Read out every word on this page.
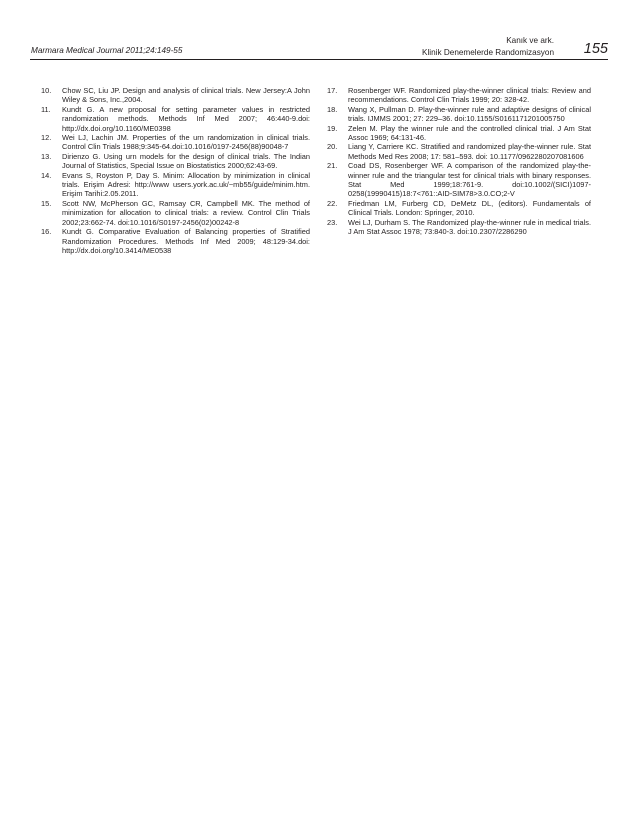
Marmara Medical Journal 2011;24:149-55
Kanık ve ark.
Klinik Denemelerde Randomizasyon 155
10. Chow SC, Liu JP. Design and analysis of clinical trials. New Jersey:A John Wiley & Sons, Inc.,2004.
11. Kundt G. A new proposal for setting parameter values in restricted randomization methods. Methods Inf Med 2007; 46:440-9.doi: http://dx.doi.org/10.1160/ME0398
12. Wei LJ, Lachin JM. Properties of the urn randomization in clinical trials. Control Clin Trials 1988;9:345-64.doi:10.1016/0197-2456(88)90048-7
13. Dirienzo G. Using urn models for the design of clinical trials. The Indian Journal of Statistics, Special Issue on Biostatistics 2000;62:43-69.
14. Evans S, Royston P, Day S. Minim: Allocation by minimization in clinical trials. Erişim Adresi: http://www users.york.ac.uk/~mb55/guide/minim.htm. Erişim Tarihi:2.05.2011.
15. Scott NW, McPherson GC, Ramsay CR, Campbell MK. The method of minimization for allocation to clinical trials: a review. Control Clin Trials 2002;23:662-74. doi:10.1016/S0197-2456(02)00242-8
16. Kundt G. Comparative Evaluation of Balancing properties of Stratified Randomization Procedures. Methods Inf Med 2009; 48:129-34.doi: http://dx.doi.org/10.3414/ME0538
17. Rosenberger WF. Randomized play-the-winner clinical trials: Review and recommendations. Control Clin Trials 1999; 20: 328-42.
18. Wang X, Pullman D. Play-the-winner rule and adaptive designs of clinical trials. IJMMS 2001; 27: 229–36. doi:10.1155/S0161171201005750
19. Zelen M. Play the winner rule and the controlled clinical trial. J Am Stat Assoc 1969; 64:131-46.
20. Liang Y, Carriere KC. Stratified and randomized play-the-winner rule. Stat Methods Med Res 2008; 17: 581–593. doi: 10.1177/0962280207081606
21. Coad DS, Rosenberger WF. A comparison of the randomized play-the-winner rule and the triangular test for clinical trials with binary responses. Stat Med 1999;18:761-9. doi:10.1002/(SICI)1097-0258(19990415)18:7<761::AID-SIM78>3.0.CO;2-V
22. Friedman LM, Furberg CD, DeMetz DL, (editors). Fundamentals of Clinical Trials. London: Springer, 2010.
23. Wei LJ, Durham S. The Randomized play-the-winner rule in medical trials. J Am Stat Assoc 1978; 73:840-3. doi:10.2307/2286290
